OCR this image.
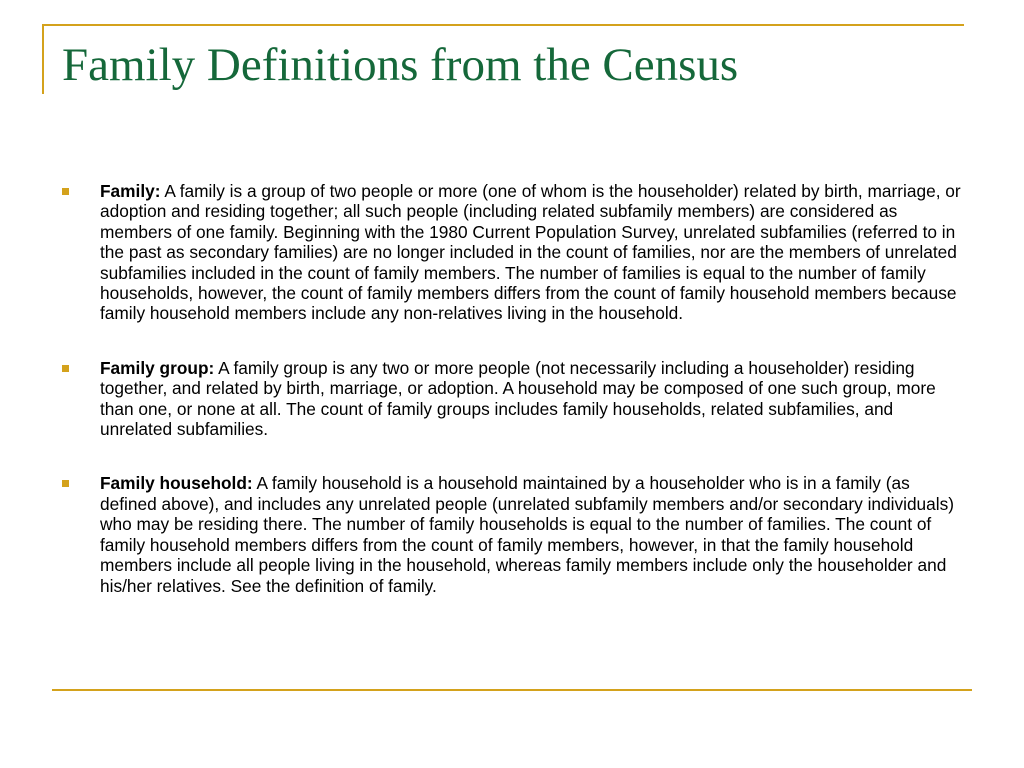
Family Definitions from the Census
Family: A family is a group of two people or more (one of whom is the householder) related by birth, marriage, or adoption and residing together; all such people (including related subfamily members) are considered as members of one family. Beginning with the 1980 Current Population Survey, unrelated subfamilies (referred to in the past as secondary families) are no longer included in the count of families, nor are the members of unrelated subfamilies included in the count of family members. The number of families is equal to the number of family households, however, the count of family members differs from the count of family household members because family household members include any non-relatives living in the household.
Family group: A family group is any two or more people (not necessarily including a householder) residing together, and related by birth, marriage, or adoption. A household may be composed of one such group, more than one, or none at all. The count of family groups includes family households, related subfamilies, and unrelated subfamilies.
Family household: A family household is a household maintained by a householder who is in a family (as defined above), and includes any unrelated people (unrelated subfamily members and/or secondary individuals) who may be residing there. The number of family households is equal to the number of families. The count of family household members differs from the count of family members, however, in that the family household members include all people living in the household, whereas family members include only the householder and his/her relatives. See the definition of family.
